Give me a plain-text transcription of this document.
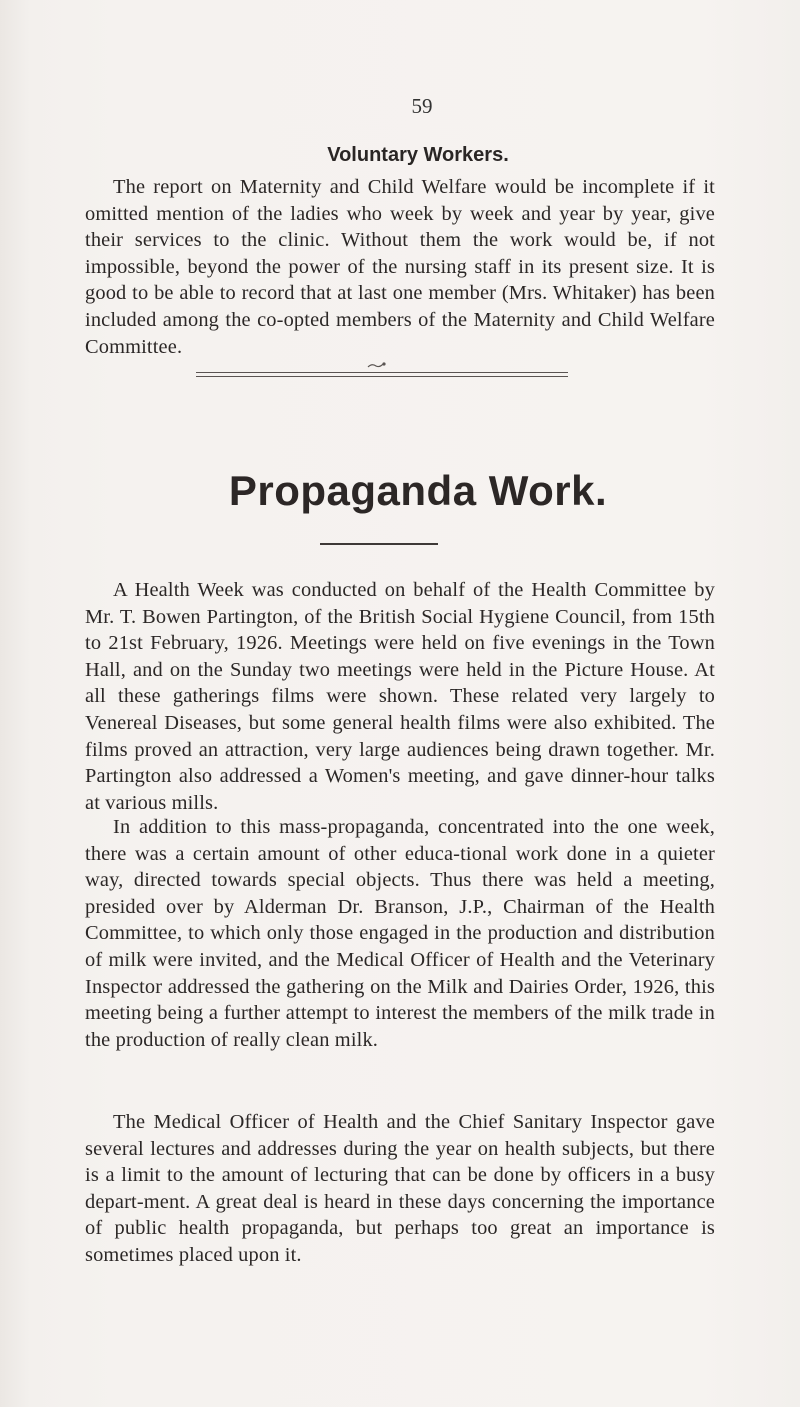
59
Voluntary Workers.

The report on Maternity and Child Welfare would be incomplete if it omitted mention of the ladies who week by week and year by year, give their services to the clinic. Without them the work would be, if not impossible, beyond the power of the nursing staff in its present size. It is good to be able to record that at last one member (Mrs. Whitaker) has been included among the co-opted members of the Maternity and Child Welfare Committee.

Propaganda Work.

A Health Week was conducted on behalf of the Health Committee by Mr. T. Bowen Partington, of the British Social Hygiene Council, from 15th to 21st February, 1926. Meetings were held on five evenings in the Town Hall, and on the Sunday two meetings were held in the Picture House. At all these gatherings films were shown. These related very largely to Venereal Diseases, but some general health films were also exhibited. The films proved an attraction, very large audiences being drawn together. Mr. Partington also addressed a Women's meeting, and gave dinner-hour talks at various mills.

In addition to this mass-propaganda, concentrated into the one week, there was a certain amount of other educa-tional work done in a quieter way, directed towards special objects. Thus there was held a meeting, presided over by Alderman Dr. Branson, J.P., Chairman of the Health Committee, to which only those engaged in the production and distribution of milk were invited, and the Medical Officer of Health and the Veterinary Inspector addressed the gathering on the Milk and Dairies Order, 1926, this meeting being a further attempt to interest the members of the milk trade in the production of really clean milk.

The Medical Officer of Health and the Chief Sanitary Inspector gave several lectures and addresses during the year on health subjects, but there is a limit to the amount of lecturing that can be done by officers in a busy depart-ment. A great deal is heard in these days concerning the importance of public health propaganda, but perhaps too great an importance is sometimes placed upon it.
